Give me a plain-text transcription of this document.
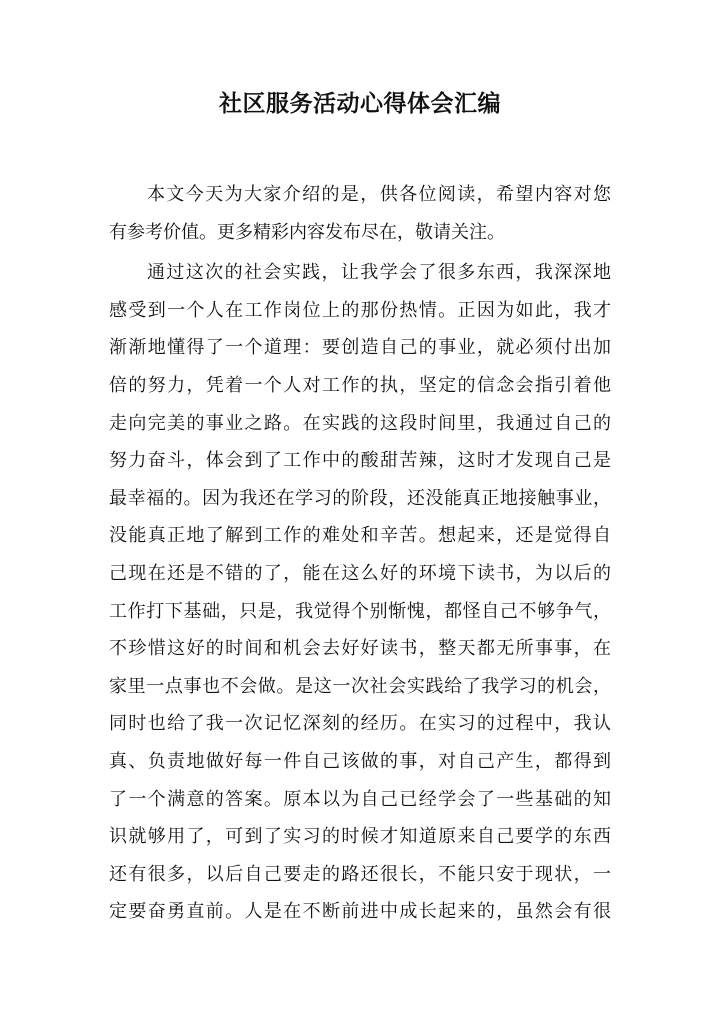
社区服务活动心得体会汇编
本文今天为大家介绍的是，供各位阅读，希望内容对您
有参考价值。更多精彩内容发布尽在，敬请关注。
通过这次的社会实践，让我学会了很多东西，我深深地
感受到一个人在工作岗位上的那份热情。正因为如此，我才
渐渐地懂得了一个道理：要创造自己的事业，就必须付出加
倍的努力，凭着一个人对工作的执，坚定的信念会指引着他
走向完美的事业之路。在实践的这段时间里，我通过自己的
努力奋斗，体会到了工作中的酸甜苦辣，这时才发现自己是
最幸福的。因为我还在学习的阶段，还没能真正地接触事业，
没能真正地了解到工作的难处和辛苦。想起来，还是觉得自
己现在还是不错的了，能在这么好的环境下读书，为以后的
工作打下基础，只是，我觉得个别惭愧，都怪自己不够争气，
不珍惜这好的时间和机会去好好读书，整天都无所事事，在
家里一点事也不会做。是这一次社会实践给了我学习的机会，
同时也给了我一次记忆深刻的经历。在实习的过程中，我认
真、负责地做好每一件自己该做的事，对自己产生，都得到
了一个满意的答案。原本以为自己已经学会了一些基础的知
识就够用了，可到了实习的时候才知道原来自己要学的东西
还有很多，以后自己要走的路还很长，不能只安于现状，一
定要奋勇直前。人是在不断前进中成长起来的，虽然会有很
